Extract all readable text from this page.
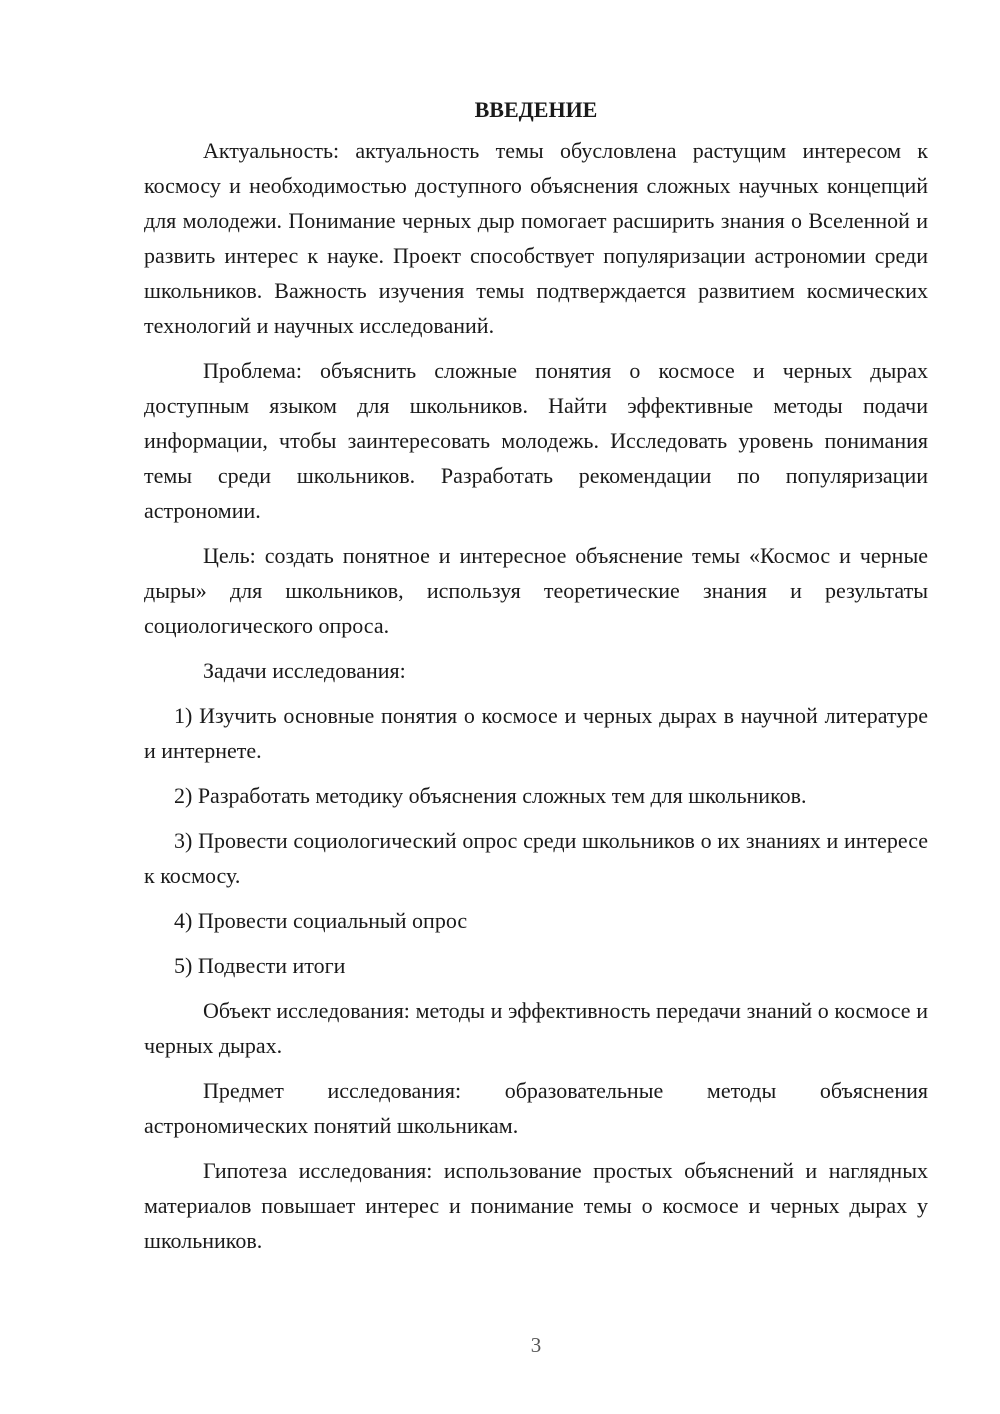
ВВЕДЕНИЕ

Актуальность: актуальность темы обусловлена растущим интересом к космосу и необходимостью доступного объяснения сложных научных концепций для молодежи. Понимание черных дыр помогает расширить знания о Вселенной и развить интерес к науке. Проект способствует популяризации астрономии среди школьников. Важность изучения темы подтверждается развитием космических технологий и научных исследований.

Проблема: объяснить сложные понятия о космосе и черных дырах доступным языком для школьников. Найти эффективные методы подачи информации, чтобы заинтересовать молодежь. Исследовать уровень понимания темы среди школьников. Разработать рекомендации по популяризации астрономии.

Цель: создать понятное и интересное объяснение темы «Космос и черные дыры» для школьников, используя теоретические знания и результаты социологического опроса.

Задачи исследования:

1) Изучить основные понятия о космосе и черных дырах в научной литературе и интернете.

2) Разработать методику объяснения сложных тем для школьников.

3) Провести социологический опрос среди школьников о их знаниях и интересе к космосу.

4) Провести социальный опрос

5) Подвести итоги

Объект исследования: методы и эффективность передачи знаний о космосе и черных дырах.

Предмет исследования: образовательные методы объяснения астрономических понятий школьникам.

Гипотеза исследования: использование простых объяснений и наглядных материалов повышает интерес и понимание темы о космосе и черных дырах у школьников.

3
